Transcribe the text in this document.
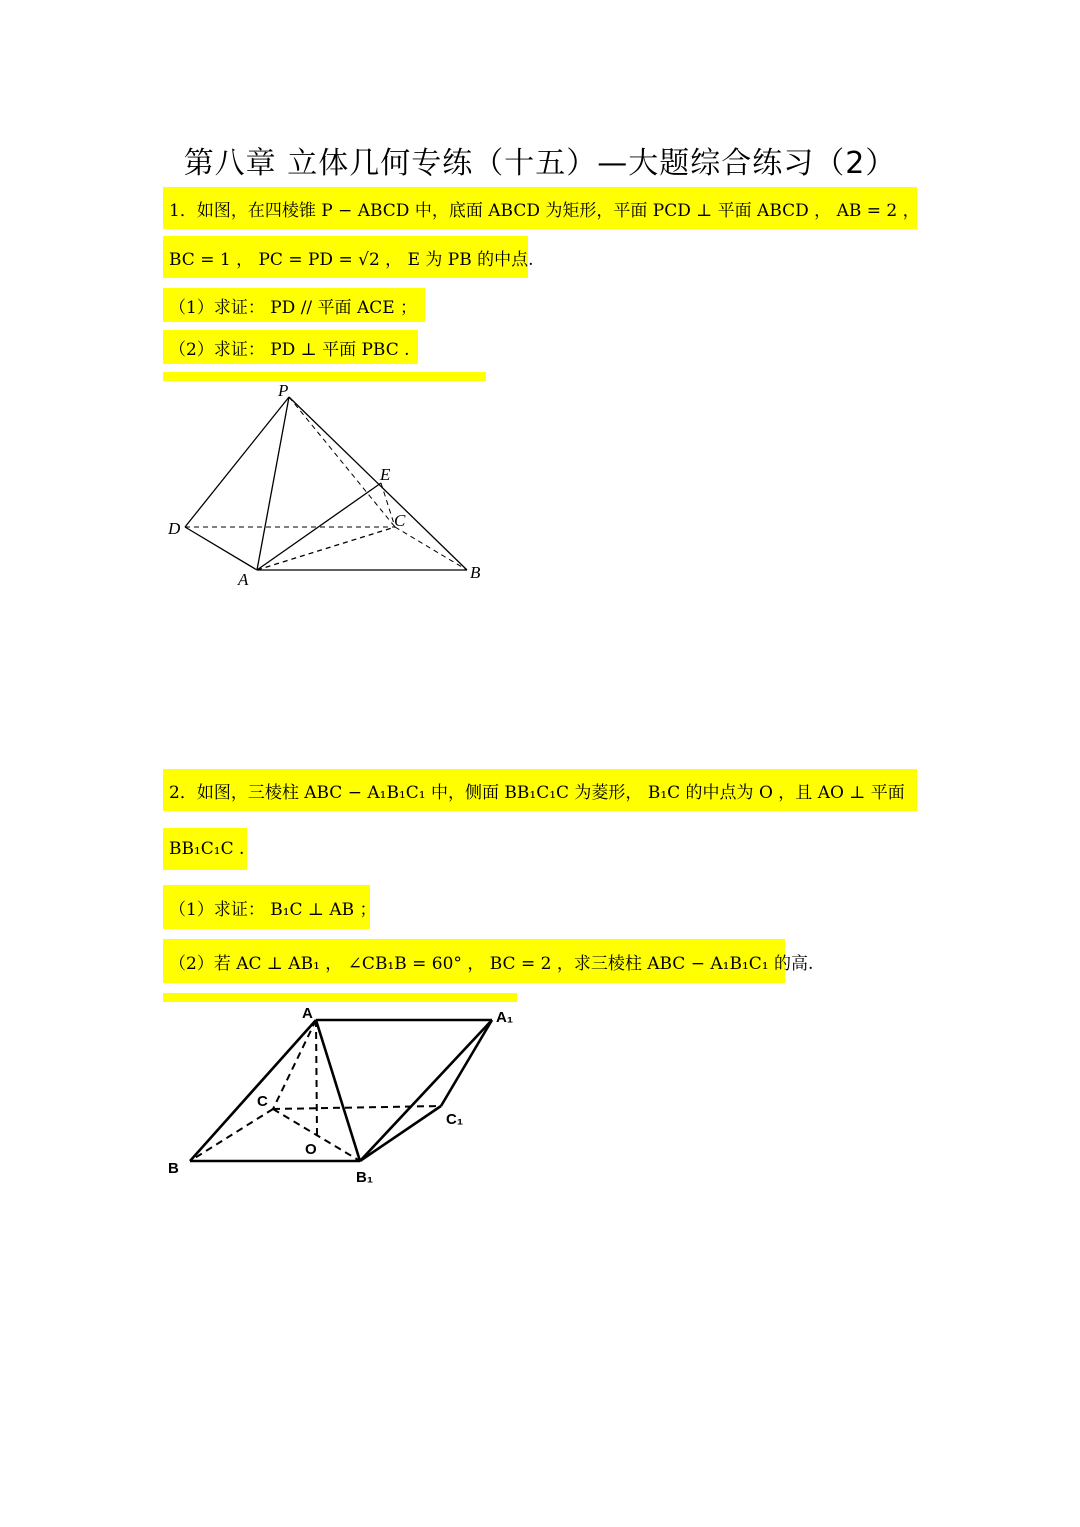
第八章 立体几何专练（十五）—大题综合练习（2）
1．如图，在四棱锥 P − ABCD 中，底面 ABCD 为矩形，平面 PCD ⊥ 平面 ABCD ， AB = 2 ，
BC = 1 ， PC = PD = √2 ， E 为 PB 的中点.
（1）求证： PD // 平面 ACE ；
（2）求证： PD ⊥ 平面 PBC .
P
E
D	C
A	B
2．如图，三棱柱 ABC − A₁B₁C₁ 中，侧面 BB₁C₁C 为菱形， B₁C 的中点为 O ，且 AO ⊥ 平面
BB₁C₁C .
（1）求证： B₁C ⊥ AB ；
（2）若 AC ⊥ AB₁ ， ∠CB₁B = 60° ， BC = 2 ，求三棱柱 ABC − A₁B₁C₁ 的高.
A	A₁
C
C₁
O
B
B₁
